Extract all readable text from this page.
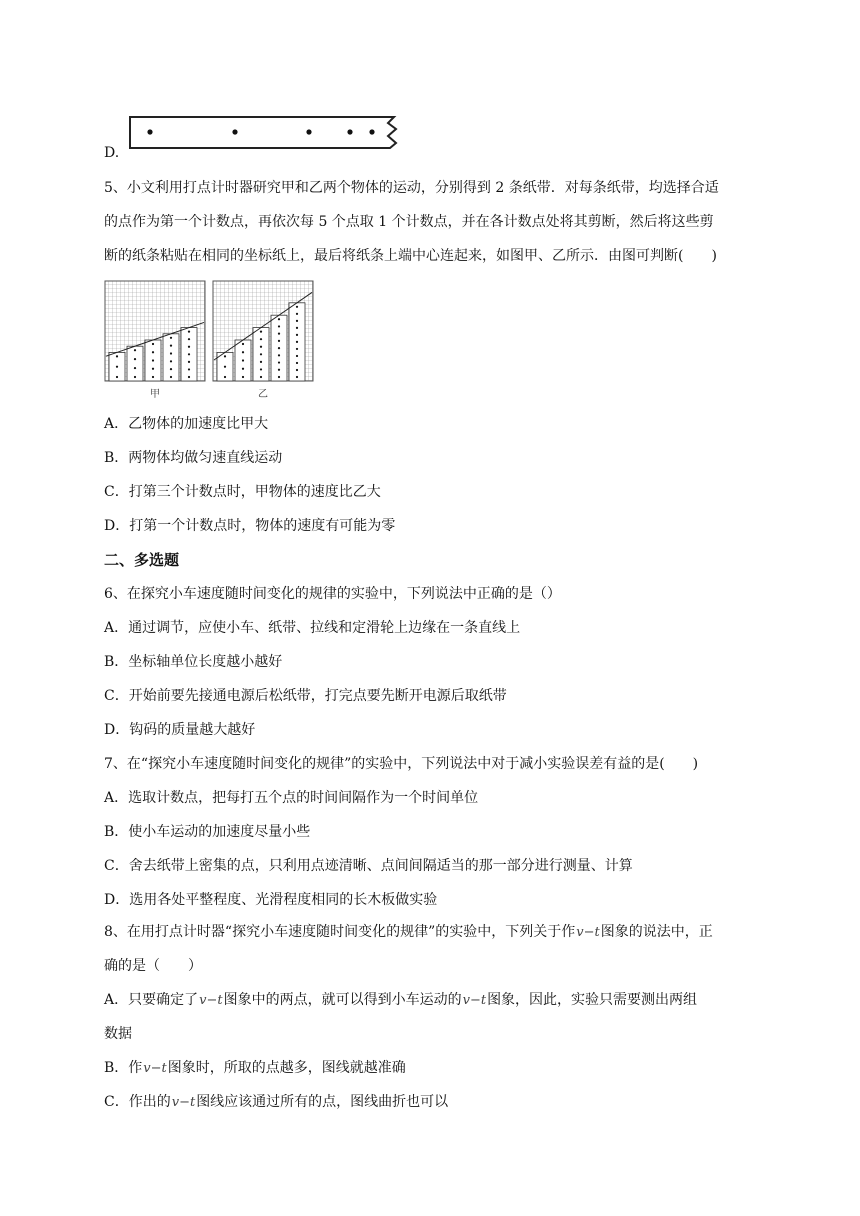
D.
5、小文利用打点计时器研究甲和乙两个物体的运动，分别得到 2 条纸带．对每条纸带，均选择合适
的点作为第一个计数点，再依次每 5 个点取 1 个计数点，并在各计数点处将其剪断，然后将这些剪
断的纸条粘贴在相同的坐标纸上，最后将纸条上端中心连起来，如图甲、乙所示．由图可判断(　　)
甲	乙
A．乙物体的加速度比甲大
B．两物体均做匀速直线运动
C．打第三个计数点时，甲物体的速度比乙大
D．打第一个计数点时，物体的速度有可能为零
二、多选题
6、在探究小车速度随时间变化的规律的实验中，下列说法中正确的是（）
A．通过调节，应使小车、纸带、拉线和定滑轮上边缘在一条直线上
B．坐标轴单位长度越小越好
C．开始前要先接通电源后松纸带，打完点要先断开电源后取纸带
D．钩码的质量越大越好
7、在“探究小车速度随时间变化的规律”的实验中，下列说法中对于减小实验误差有益的是(　　)
A．选取计数点，把每打五个点的时间间隔作为一个时间单位
B．使小车运动的加速度尽量小些
C．舍去纸带上密集的点，只利用点迹清晰、点间间隔适当的那一部分进行测量、计算
D．选用各处平整程度、光滑程度相同的长木板做实验
8、在用打点计时器“探究小车速度随时间变化的规律”的实验中，下列关于作v−t图象的说法中，正
确的是（　　）
A．只要确定了v−t图象中的两点，就可以得到小车运动的v−t图象，因此，实验只需要测出两组
数据
B．作v−t图象时，所取的点越多，图线就越准确
C．作出的v−t图线应该通过所有的点，图线曲折也可以
